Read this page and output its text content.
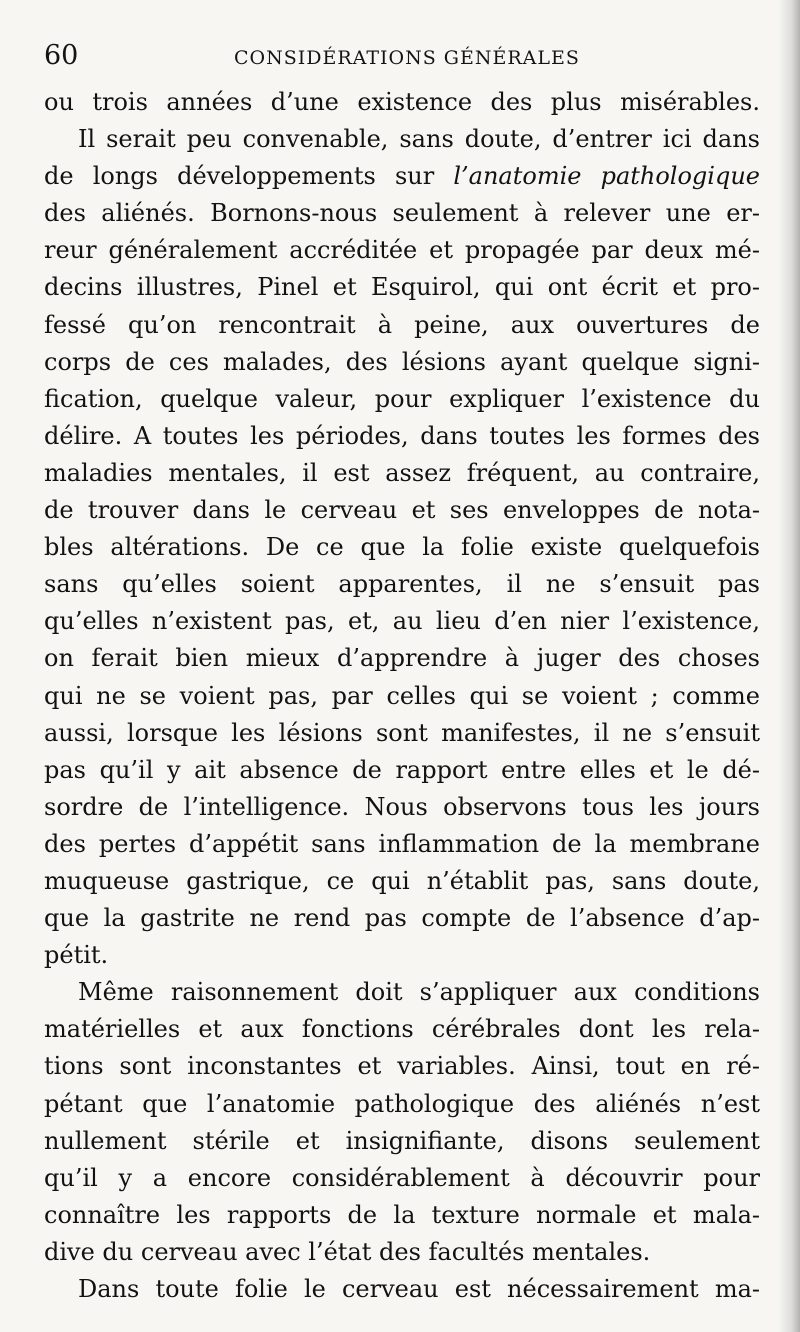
60	CONSIDÉRATIONS GÉNÉRALES
ou trois années d’une existence des plus misérables.
Il serait peu convenable, sans doute, d’entrer ici dans
de longs développements sur l’anatomie pathologique
des aliénés. Bornons-nous seulement à relever une er-
reur généralement accréditée et propagée par deux mé-
decins illustres, Pinel et Esquirol, qui ont écrit et pro-
fessé qu’on rencontrait à peine, aux ouvertures de
corps de ces malades, des lésions ayant quelque signi-
fication, quelque valeur, pour expliquer l’existence du
délire. A toutes les périodes, dans toutes les formes des
maladies mentales, il est assez fréquent, au contraire,
de trouver dans le cerveau et ses enveloppes de nota-
bles altérations. De ce que la folie existe quelquefois
sans qu’elles soient apparentes, il ne s’ensuit pas
qu’elles n’existent pas, et, au lieu d’en nier l’existence,
on ferait bien mieux d’apprendre à juger des choses
qui ne se voient pas, par celles qui se voient ; comme
aussi, lorsque les lésions sont manifestes, il ne s’ensuit
pas qu’il y ait absence de rapport entre elles et le dé-
sordre de l’intelligence. Nous observons tous les jours
des pertes d’appétit sans inflammation de la membrane
muqueuse gastrique, ce qui n’établit pas, sans doute,
que la gastrite ne rend pas compte de l’absence d’ap-
pétit.
Même raisonnement doit s’appliquer aux conditions
matérielles et aux fonctions cérébrales dont les rela-
tions sont inconstantes et variables. Ainsi, tout en ré-
pétant que l’anatomie pathologique des aliénés n’est
nullement stérile et insignifiante, disons seulement
qu’il y a encore considérablement à découvrir pour
connaître les rapports de la texture normale et mala-
dive du cerveau avec l’état des facultés mentales.
Dans toute folie le cerveau est nécessairement ma-
